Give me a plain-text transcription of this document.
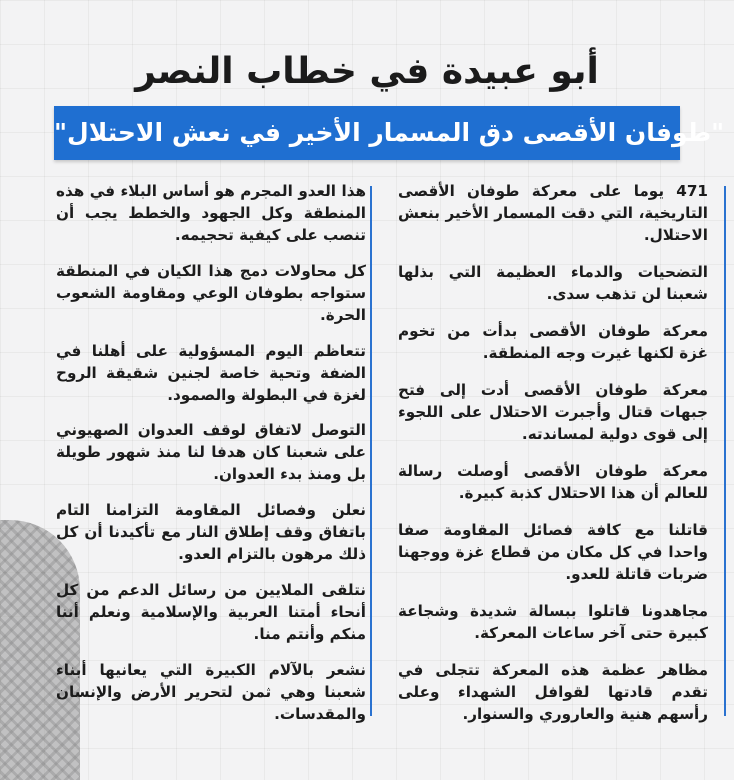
أبو عبيدة في خطاب النصر
"طوفان الأقصى دق المسمار الأخير في نعش الاحتلال"
471 يوما على معركة طوفان الأقصى التاريخية، التي دقت المسمار الأخير بنعش الاحتلال.
التضحيات والدماء العظيمة التي بذلها شعبنا لن تذهب سدى.
معركة طوفان الأقصى بدأت من تخوم غزة لكنها غيرت وجه المنطقة.
معركة طوفان الأقصى أدت إلى فتح جبهات قتال وأجبرت الاحتلال على اللجوء إلى قوى دولية لمساندته.
معركة طوفان الأقصى أوصلت رسالة للعالم أن هذا الاحتلال كذبة كبيرة.
قاتلنا مع كافة فصائل المقاومة صفا واحدا في كل مكان من قطاع غزة ووجهنا ضربات قاتلة للعدو.
مجاهدونا قاتلوا ببسالة شديدة وشجاعة كبيرة حتى آخر ساعات المعركة.
مظاهر عظمة هذه المعركة تتجلى في تقدم قادتها لقوافل الشهداء وعلى رأسهم هنية والعاروري والسنوار.
هذا العدو المجرم هو أساس البلاء في هذه المنطقة وكل الجهود والخطط يجب أن تنصب على كيفية تحجيمه.
كل محاولات دمج هذا الكيان في المنطقة ستواجه بطوفان الوعي ومقاومة الشعوب الحرة.
تتعاظم اليوم المسؤولية على أهلنا في الضفة وتحية خاصة لجنين شقيقة الروح لغزة في البطولة والصمود.
التوصل لاتفاق لوقف العدوان الصهيوني على شعبنا كان هدفا لنا منذ شهور طويلة بل ومنذ بدء العدوان.
نعلن وفصائل المقاومة التزامنا التام باتفاق وقف إطلاق النار مع تأكيدنا أن كل ذلك مرهون بالتزام العدو.
نتلقى الملايين من رسائل الدعم من كل أنحاء أمتنا العربية والإسلامية ونعلم أننا منكم وأنتم منا.
نشعر بالآلام الكبيرة التي يعانيها أبناء شعبنا وهي ثمن لتحرير الأرض والإنسان والمقدسات.
